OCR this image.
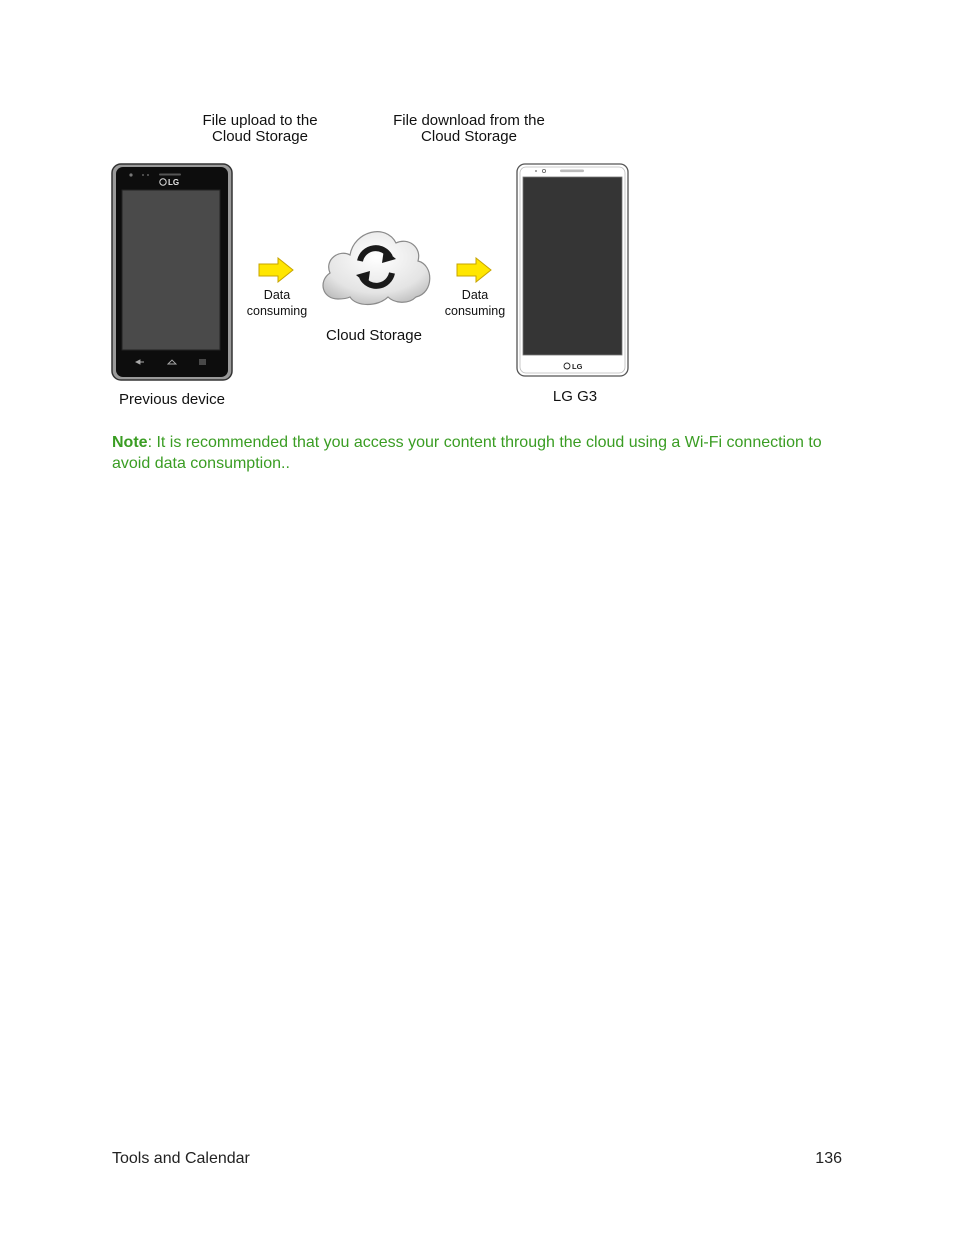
File upload to the
Cloud Storage
File download from the
Cloud Storage
LG
Data
consuming
Cloud Storage
Data
consuming
LG
Previous device	LG G3
Note: It is recommended that you access your content through the cloud using a Wi-Fi connection to avoid data consumption..
Tools and Calendar	136
